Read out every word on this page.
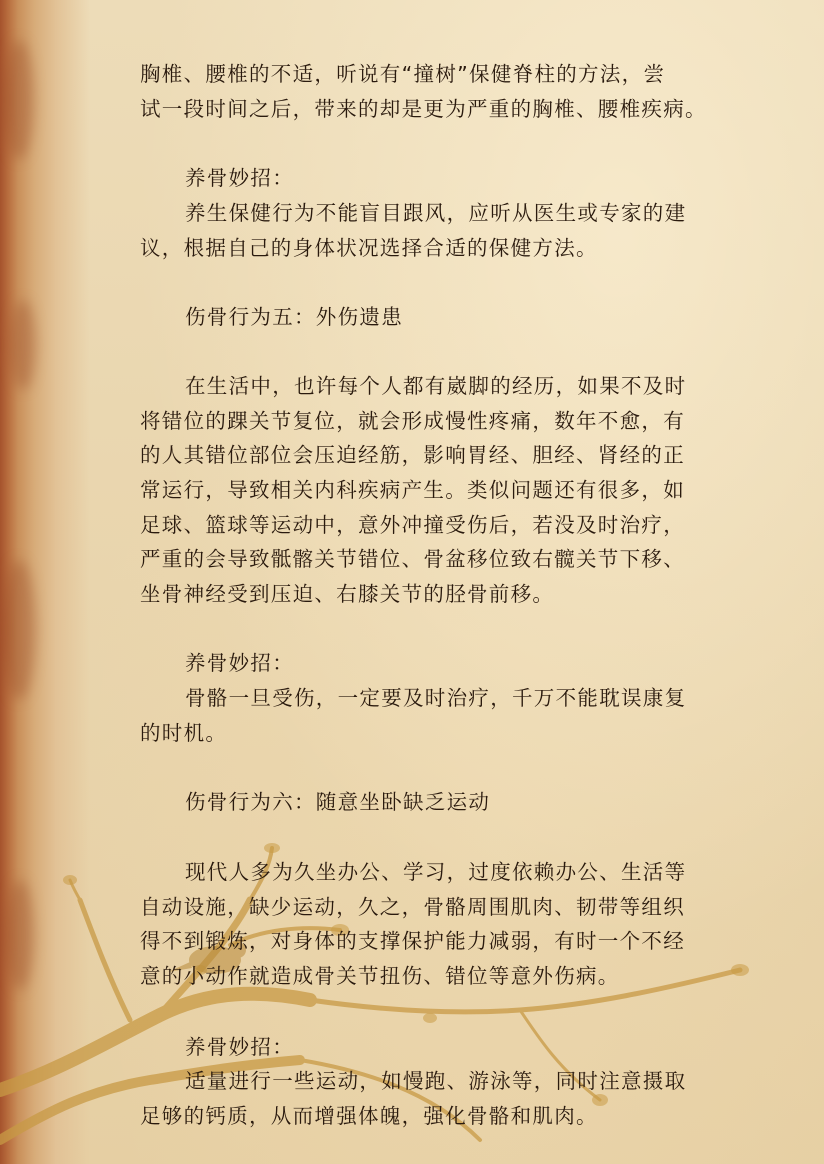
胸椎、腰椎的不适，听说有“撞树”保健脊柱的方法，尝
试一段时间之后，带来的却是更为严重的胸椎、腰椎疾病。
养骨妙招：
养生保健行为不能盲目跟风，应听从医生或专家的建
议，根据自己的身体状况选择合适的保健方法。
伤骨行为五：外伤遗患
在生活中，也许每个人都有崴脚的经历，如果不及时
将错位的踝关节复位，就会形成慢性疼痛，数年不愈，有
的人其错位部位会压迫经筋，影响胃经、胆经、肾经的正
常运行，导致相关内科疾病产生。类似问题还有很多，如
足球、篮球等运动中，意外冲撞受伤后，若没及时治疗，
严重的会导致骶髂关节错位、骨盆移位致右髋关节下移、
坐骨神经受到压迫、右膝关节的胫骨前移。
养骨妙招：
骨骼一旦受伤，一定要及时治疗，千万不能耽误康复
的时机。
伤骨行为六：随意坐卧缺乏运动
现代人多为久坐办公、学习，过度依赖办公、生活等
自动设施，缺少运动，久之，骨骼周围肌肉、韧带等组织
得不到锻炼，对身体的支撑保护能力减弱，有时一个不经
意的小动作就造成骨关节扭伤、错位等意外伤病。
养骨妙招：
适量进行一些运动，如慢跑、游泳等，同时注意摄取
足够的钙质，从而增强体魄，强化骨骼和肌肉。
